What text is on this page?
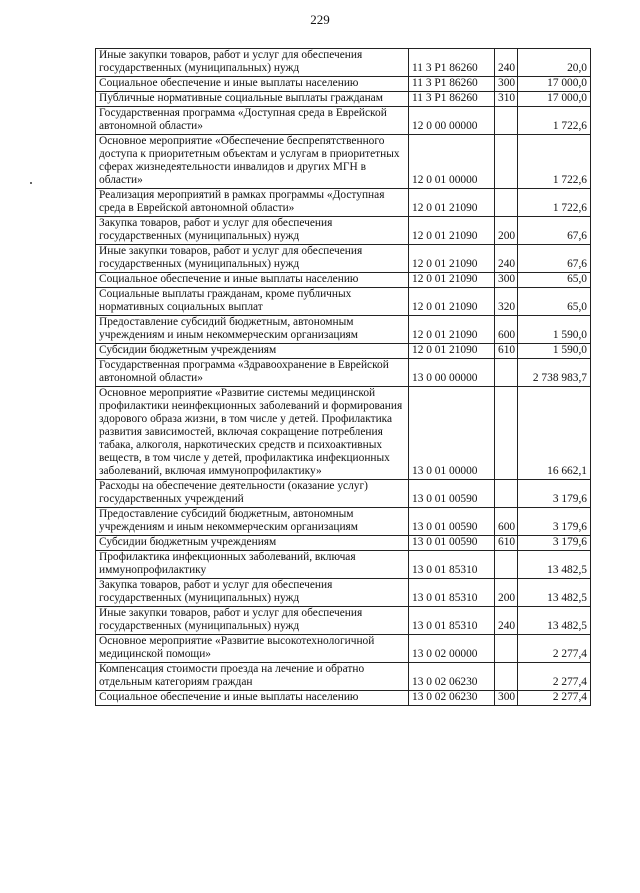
229
Иные закупки товаров, работ и услуг для обеспечения государственных (муниципальных) нужд	11 3 P1 86260	240	20,0
Социальное обеспечение и иные выплаты населению	11 3 P1 86260	300	17 000,0
Публичные нормативные социальные выплаты гражданам	11 3 P1 86260	310	17 000,0
Государственная программа «Доступная среда в Еврейской автономной области»	12 0 00 00000		1 722,6
Основное мероприятие «Обеспечение беспрепятственного доступа к приоритетным объектам и услугам в приоритетных сферах жизнедеятельности инвалидов и других МГН в области»	12 0 01 00000		1 722,6
Реализация мероприятий в рамках программы «Доступная среда в Еврейской автономной области»	12 0 01 21090		1 722,6
Закупка товаров, работ и услуг для обеспечения государственных (муниципальных) нужд	12 0 01 21090	200	67,6
Иные закупки товаров, работ и услуг для обеспечения государственных (муниципальных) нужд	12 0 01 21090	240	67,6
Социальное обеспечение и иные выплаты населению	12 0 01 21090	300	65,0
Социальные выплаты гражданам, кроме публичных нормативных социальных выплат	12 0 01 21090	320	65,0
Предоставление субсидий бюджетным, автономным учреждениям и иным некоммерческим организациям	12 0 01 21090	600	1 590,0
Субсидии бюджетным учреждениям	12 0 01 21090	610	1 590,0
Государственная программа «Здравоохранение в Еврейской автономной области»	13 0 00 00000		2 738 983,7
Основное мероприятие «Развитие системы медицинской профилактики неинфекционных заболеваний и формирования здорового образа жизни, в том числе у детей. Профилактика развития зависимостей, включая сокращение потребления табака, алкоголя, наркотических средств и психоактивных веществ, в том числе у детей, профилактика инфекционных заболеваний, включая иммунопрофилактику»	13 0 01 00000		16 662,1
Расходы на обеспечение деятельности (оказание услуг) государственных учреждений	13 0 01 00590		3 179,6
Предоставление субсидий бюджетным, автономным учреждениям и иным некоммерческим организациям	13 0 01 00590	600	3 179,6
Субсидии бюджетным учреждениям	13 0 01 00590	610	3 179,6
Профилактика инфекционных заболеваний, включая иммунопрофилактику	13 0 01 85310		13 482,5
Закупка товаров, работ и услуг для обеспечения государственных (муниципальных) нужд	13 0 01 85310	200	13 482,5
Иные закупки товаров, работ и услуг для обеспечения государственных (муниципальных) нужд	13 0 01 85310	240	13 482,5
Основное мероприятие «Развитие высокотехнологичной медицинской помощи»	13 0 02 00000		2 277,4
Компенсация стоимости проезда на лечение и обратно отдельным категориям граждан	13 0 02 06230		2 277,4
Социальное обеспечение и иные выплаты населению	13 0 02 06230	300	2 277,4
